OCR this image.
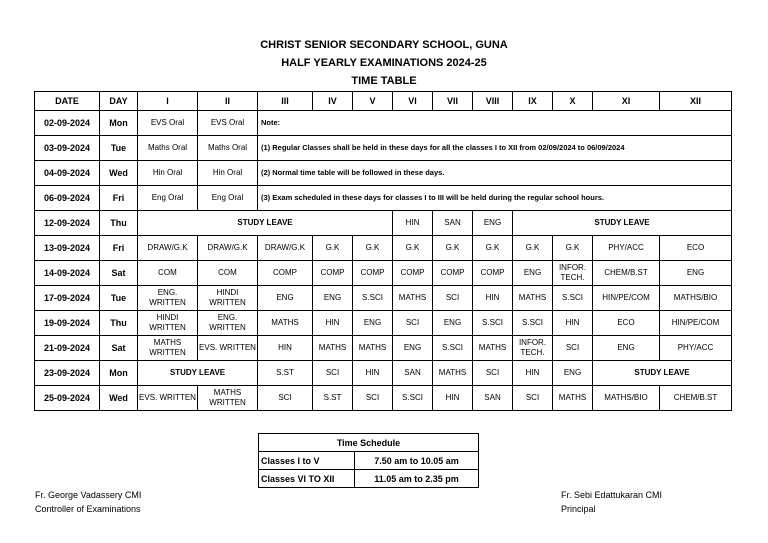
CHRIST SENIOR SECONDARY SCHOOL, GUNA
HALF YEARLY EXAMINATIONS 2024-25
TIME TABLE
DATE	DAY	I	II	III	IV	V	VI	VII	VIII	IX	X	XI	XII
02-09-2024	Mon	EVS Oral	EVS Oral	Note:									
03-09-2024	Tue	Maths Oral	Maths Oral	(1) Regular Classes shall be held in these days for all the classes I to XII from 02/09/2024 to 06/09/2024									
04-09-2024	Wed	Hin Oral	Hin Oral	(2) Normal time table will be followed in these days.									
06-09-2024	Fri	Eng Oral	Eng Oral	(3) Exam scheduled in these days for classes I to III will be held during the regular school hours.									
12-09-2024	Thu	STUDY LEAVE					HIN	SAN	ENG	STUDY LEAVE			
13-09-2024	Fri	DRAW/G.K	DRAW/G.K	DRAW/G.K	G.K	G.K	G.K	G.K	G.K	G.K	G.K	PHY/ACC	ECO
14-09-2024	Sat	COM	COM	COMP	COMP	COMP	COMP	COMP	COMP	ENG	INFOR. TECH.	CHEM/B.ST	ENG
17-09-2024	Tue	ENG. WRITTEN	HINDI WRITTEN	ENG	ENG	S.SCI	MATHS	SCI	HIN	MATHS	S.SCI	HIN/PE/COM	MATHS/BIO
19-09-2024	Thu	HINDI WRITTEN	ENG. WRITTEN	MATHS	HIN	ENG	SCI	ENG	S.SCI	S.SCI	HIN	ECO	HIN/PE/COM
21-09-2024	Sat	MATHS WRITTEN	EVS. WRITTEN	HIN	MATHS	MATHS	ENG	S.SCI	MATHS	INFOR. TECH.	SCI	ENG	PHY/ACC
23-09-2024	Mon	STUDY LEAVE		S.ST	SCI	HIN	SAN	MATHS	SCI	HIN	ENG	STUDY LEAVE	
25-09-2024	Wed	EVS. WRITTEN	MATHS WRITTEN	SCI	S.ST	SCI	S.SCI	HIN	SAN	SCI	MATHS	MATHS/BIO	CHEM/B.ST
Time Schedule	
Classes I to V	7.50 am to 10.05 am
Classes VI TO XII	11.05 am to 2.35 pm
Fr. George Vadassery CMI
Controller of Examinations
Fr. Sebi Edattukaran CMI
Principal
